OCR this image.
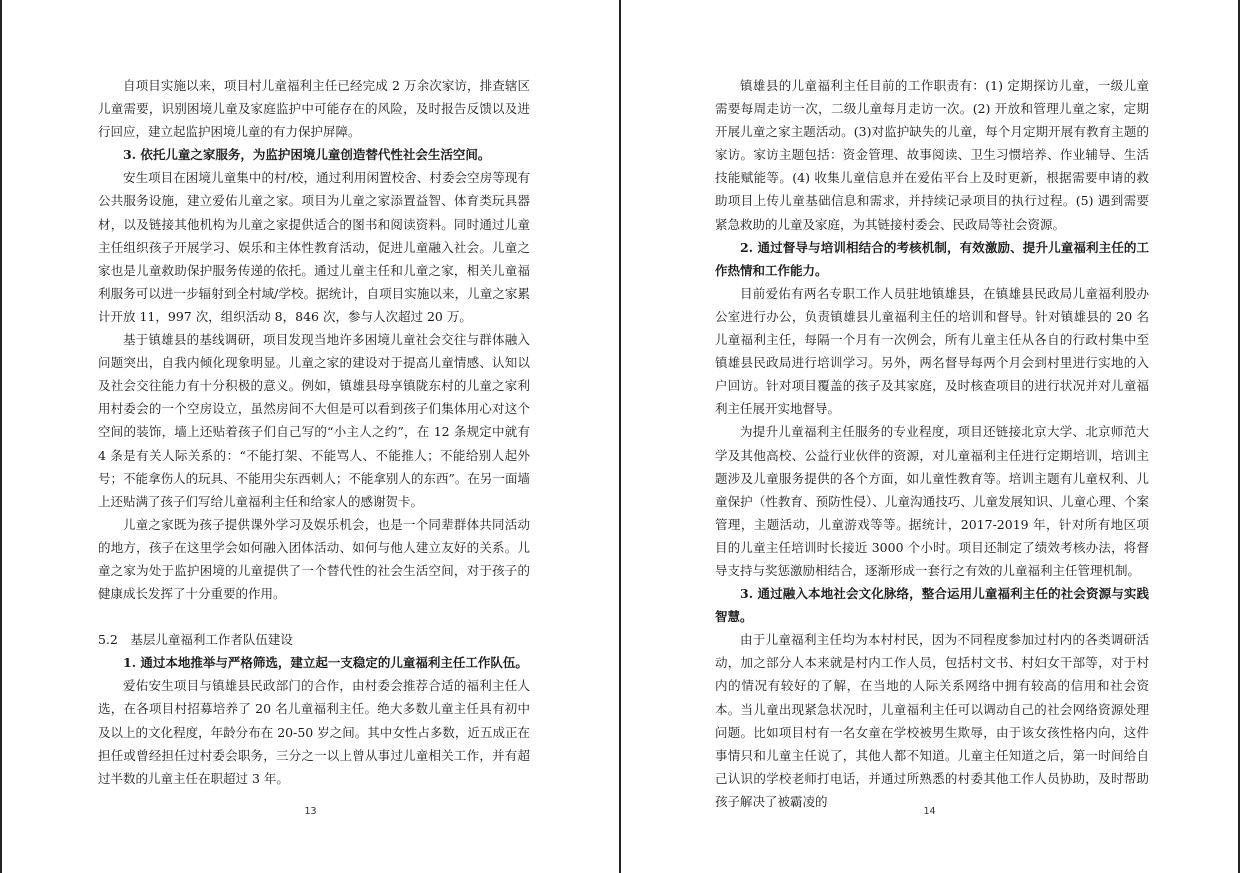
自项目实施以来，项目村儿童福利主任已经完成 2 万余次家访，排查辖区儿童需要，识别困境儿童及家庭监护中可能存在的风险，及时报告反馈以及进行回应，建立起监护困境儿童的有力保护屏障。

3. 依托儿童之家服务，为监护困境儿童创造替代性社会生活空间。

安生项目在困境儿童集中的村/校，通过利用闲置校舍、村委会空房等现有公共服务设施，建立爱佑儿童之家。项目为儿童之家添置益智、体育类玩具器材，以及链接其他机构为儿童之家提供适合的图书和阅读资料。同时通过儿童主任组织孩子开展学习、娱乐和主体性教育活动，促进儿童融入社会。儿童之家也是儿童救助保护服务传递的依托。通过儿童主任和儿童之家，相关儿童福利服务可以进一步辐射到全村域/学校。据统计，自项目实施以来，儿童之家累计开放 11，997 次，组织活动 8，846 次，参与人次超过 20 万。

基于镇雄县的基线调研，项目发现当地许多困境儿童社会交往与群体融入问题突出，自我内倾化现象明显。儿童之家的建设对于提高儿童情感、认知以及社会交往能力有十分积极的意义。例如，镇雄县母享镇陇东村的儿童之家利用村委会的一个空房设立，虽然房间不大但是可以看到孩子们集体用心对这个空间的装饰，墙上还贴着孩子们自己写的“小主人之约”，在 12 条规定中就有 4 条是有关人际关系的：“不能打架、不能骂人、不能推人；不能给别人起外号；不能拿伤人的玩具、不能用尖东西刺人；不能拿别人的东西”。在另一面墙上还贴满了孩子们写给儿童福利主任和给家人的感谢贺卡。

儿童之家既为孩子提供课外学习及娱乐机会，也是一个同辈群体共同活动的地方，孩子在这里学会如何融入团体活动、如何与他人建立友好的关系。儿童之家为处于监护困境的儿童提供了一个替代性的社会生活空间，对于孩子的健康成长发挥了十分重要的作用。

5.2　基层儿童福利工作者队伍建设

1. 通过本地推举与严格筛选，建立起一支稳定的儿童福利主任工作队伍。

爱佑安生项目与镇雄县民政部门的合作，由村委会推荐合适的福利主任人选，在各项目村招募培养了 20 名儿童福利主任。绝大多数儿童主任具有初中及以上的文化程度，年龄分布在 20-50 岁之间。其中女性占多数，近五成正在担任或曾经担任过村委会职务，三分之一以上曾从事过儿童相关工作，并有超过半数的儿童主任在职超过 3 年。

13

镇雄县的儿童福利主任目前的工作职责有：(1) 定期探访儿童，一级儿童需要每周走访一次，二级儿童每月走访一次。(2) 开放和管理儿童之家，定期开展儿童之家主题活动。(3)对监护缺失的儿童，每个月定期开展有教育主题的家访。家访主题包括：资金管理、故事阅读、卫生习惯培养、作业辅导、生活技能赋能等。(4) 收集儿童信息并在爱佑平台上及时更新，根据需要申请的救助项目上传儿童基础信息和需求，并持续记录项目的执行过程。(5) 遇到需要紧急救助的儿童及家庭，为其链接村委会、民政局等社会资源。

2. 通过督导与培训相结合的考核机制，有效激励、提升儿童福利主任的工作热情和工作能力。

目前爱佑有两名专职工作人员驻地镇雄县，在镇雄县民政局儿童福利股办公室进行办公，负责镇雄县儿童福利主任的培训和督导。针对镇雄县的 20 名儿童福利主任，每隔一个月有一次例会，所有儿童主任从各自的行政村集中至镇雄县民政局进行培训学习。另外，两名督导每两个月会到村里进行实地的入户回访。针对项目覆盖的孩子及其家庭，及时核查项目的进行状况并对儿童福利主任展开实地督导。

为提升儿童福利主任服务的专业程度，项目还链接北京大学、北京师范大学及其他高校、公益行业伙伴的资源，对儿童福利主任进行定期培训，培训主题涉及儿童服务提供的各个方面，如儿童性教育等。培训主题有儿童权利、儿童保护（性教育、预防性侵）、儿童沟通技巧、儿童发展知识、儿童心理、个案管理，主题活动，儿童游戏等等。据统计，2017-2019 年，针对所有地区项目的儿童主任培训时长接近 3000 个小时。项目还制定了绩效考核办法，将督导支持与奖惩激励相结合，逐渐形成一套行之有效的儿童福利主任管理机制。

3. 通过融入本地社会文化脉络，整合运用儿童福利主任的社会资源与实践智慧。

由于儿童福利主任均为本村村民，因为不同程度参加过村内的各类调研活动，加之部分人本来就是村内工作人员，包括村文书、村妇女干部等，对于村内的情况有较好的了解，在当地的人际关系网络中拥有较高的信用和社会资本。当儿童出现紧急状况时，儿童福利主任可以调动自己的社会网络资源处理问题。比如项目村有一名女童在学校被男生欺辱，由于该女孩性格内向，这件事情只和儿童主任说了，其他人都不知道。儿童主任知道之后，第一时间给自己认识的学校老师打电话，并通过所熟悉的村委其他工作人员协助，及时帮助孩子解决了被霸凌的

14
